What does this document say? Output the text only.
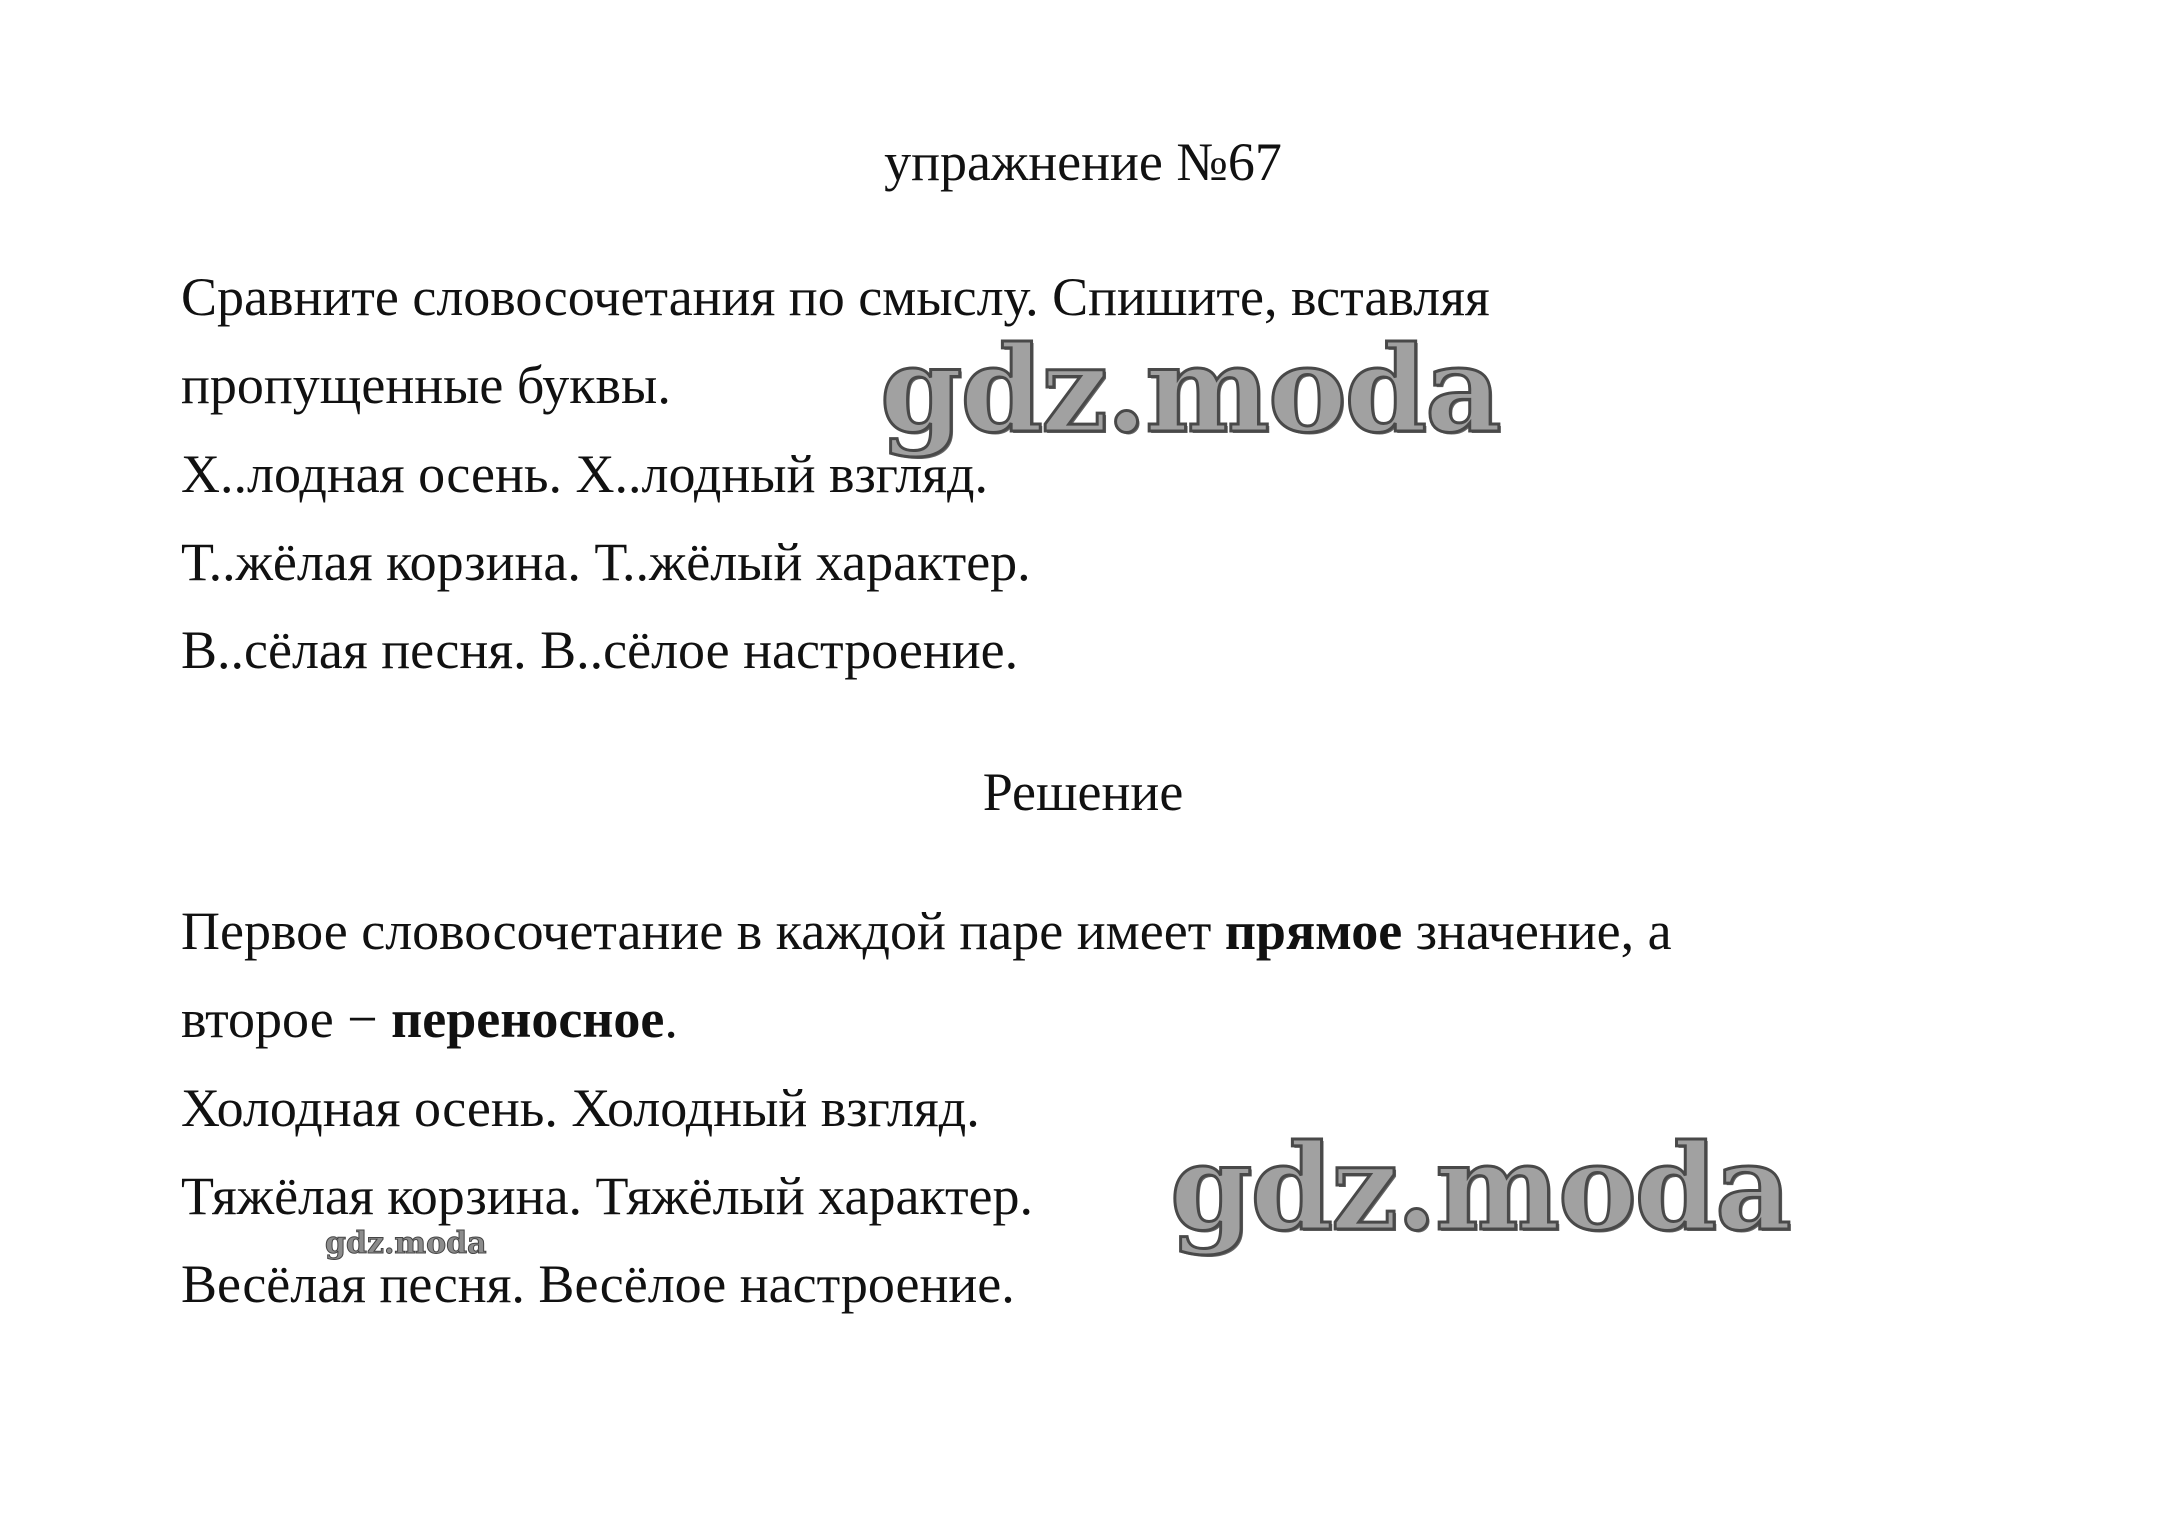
упражнение №67
Сравните словосочетания по смыслу. Спишите, вставляя
пропущенные буквы.
Х..лодная осень. Х..лодный взгляд.
Т..жёлая корзина. Т..жёлый характер.
В..сёлая песня. В..сёлое настроение.
Решение
Первое словосочетание в каждой паре имеет прямое значение, а
второе − переносное.
Холодная осень. Холодный взгляд.
Тяжёлая корзина. Тяжёлый характер.
Весёлая песня. Весёлое настроение.
gdz.moda
gdz.moda
gdz.moda
